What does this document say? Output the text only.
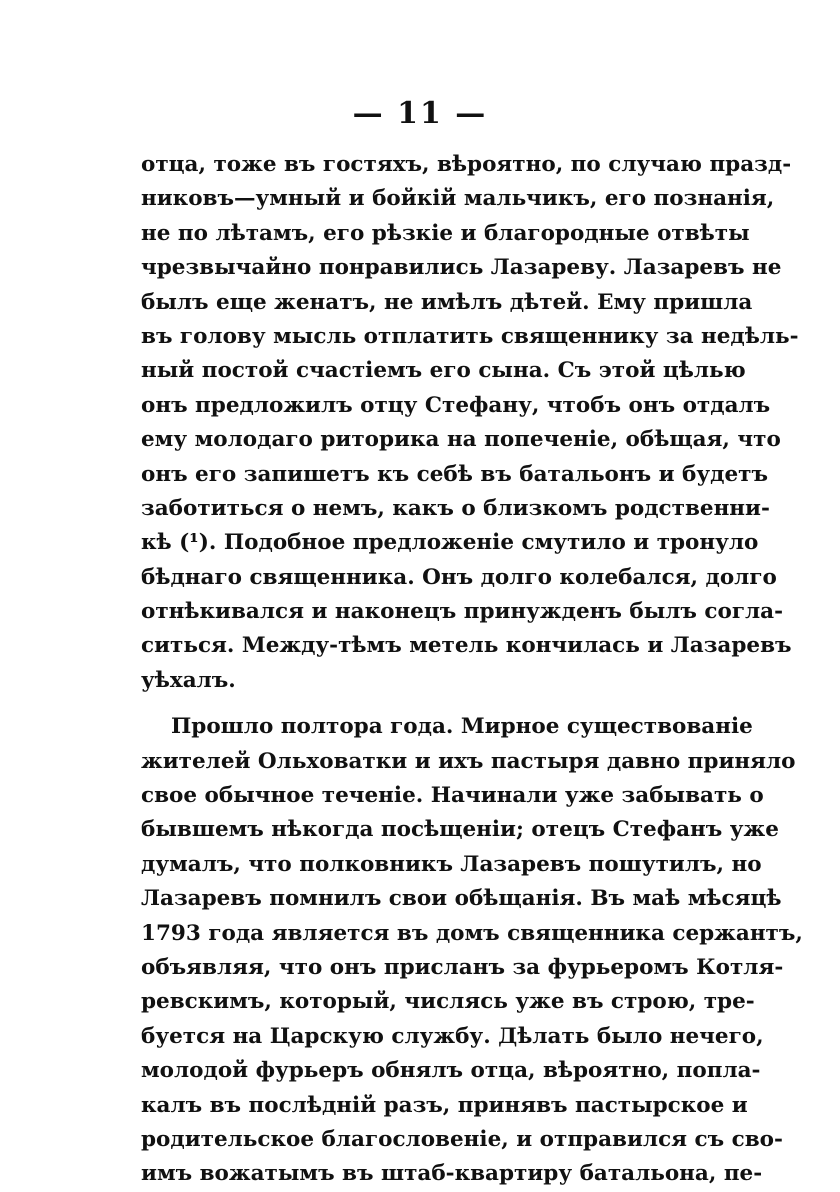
— 11 —
отца, тоже въ гостяхъ, вѣроятно, по случаю празд-
никовъ—умный и бойкій мальчикъ, его познанія,
не по лѣтамъ, его рѣзкіе и благородные отвѣты
чрезвычайно понравились Лазареву. Лазаревъ не
былъ еще женатъ, не имѣлъ дѣтей. Ему пришла
въ голову мысль отплатить священнику за недѣль-
ный постой счастіемъ его сына. Съ этой цѣлью
онъ предложилъ отцу Стефану, чтобъ онъ отдалъ
ему молодаго риторика на попеченіе, обѣщая, что
онъ его запишетъ къ себѣ въ батальонъ и будетъ
заботиться о немъ, какъ о близкомъ родственни-
кѣ (¹). Подобное предложеніе смутило и тронуло
бѣднаго священника. Онъ долго колебался, долго
отнѣкивался и наконецъ принужденъ былъ согла-
ситься. Между-тѣмъ метель кончилась и Лазаревъ
уѣхалъ.
Прошло полтора года. Мирное существованіе
жителей Ольховатки и ихъ пастыря давно приняло
свое обычное теченіе. Начинали уже забывать о
бывшемъ нѣкогда посѣщеніи; отецъ Стефанъ уже
думалъ, что полковникъ Лазаревъ пошутилъ, но
Лазаревъ помнилъ свои обѣщанія. Въ маѣ мѣсяцѣ
1793 года является въ домъ священника сержантъ,
объявляя, что онъ присланъ за фурьеромъ Котля-
ревскимъ, который, числясь уже въ строю, тре-
буется на Царскую службу. Дѣлать было нечего,
молодой фурьеръ обнялъ отца, вѣроятно, попла-
калъ въ послѣдній разъ, принявъ пастырское и
родительское благословеніе, и отправился съ сво-
имъ вожатымъ въ штаб-квартиру батальона, пе-
